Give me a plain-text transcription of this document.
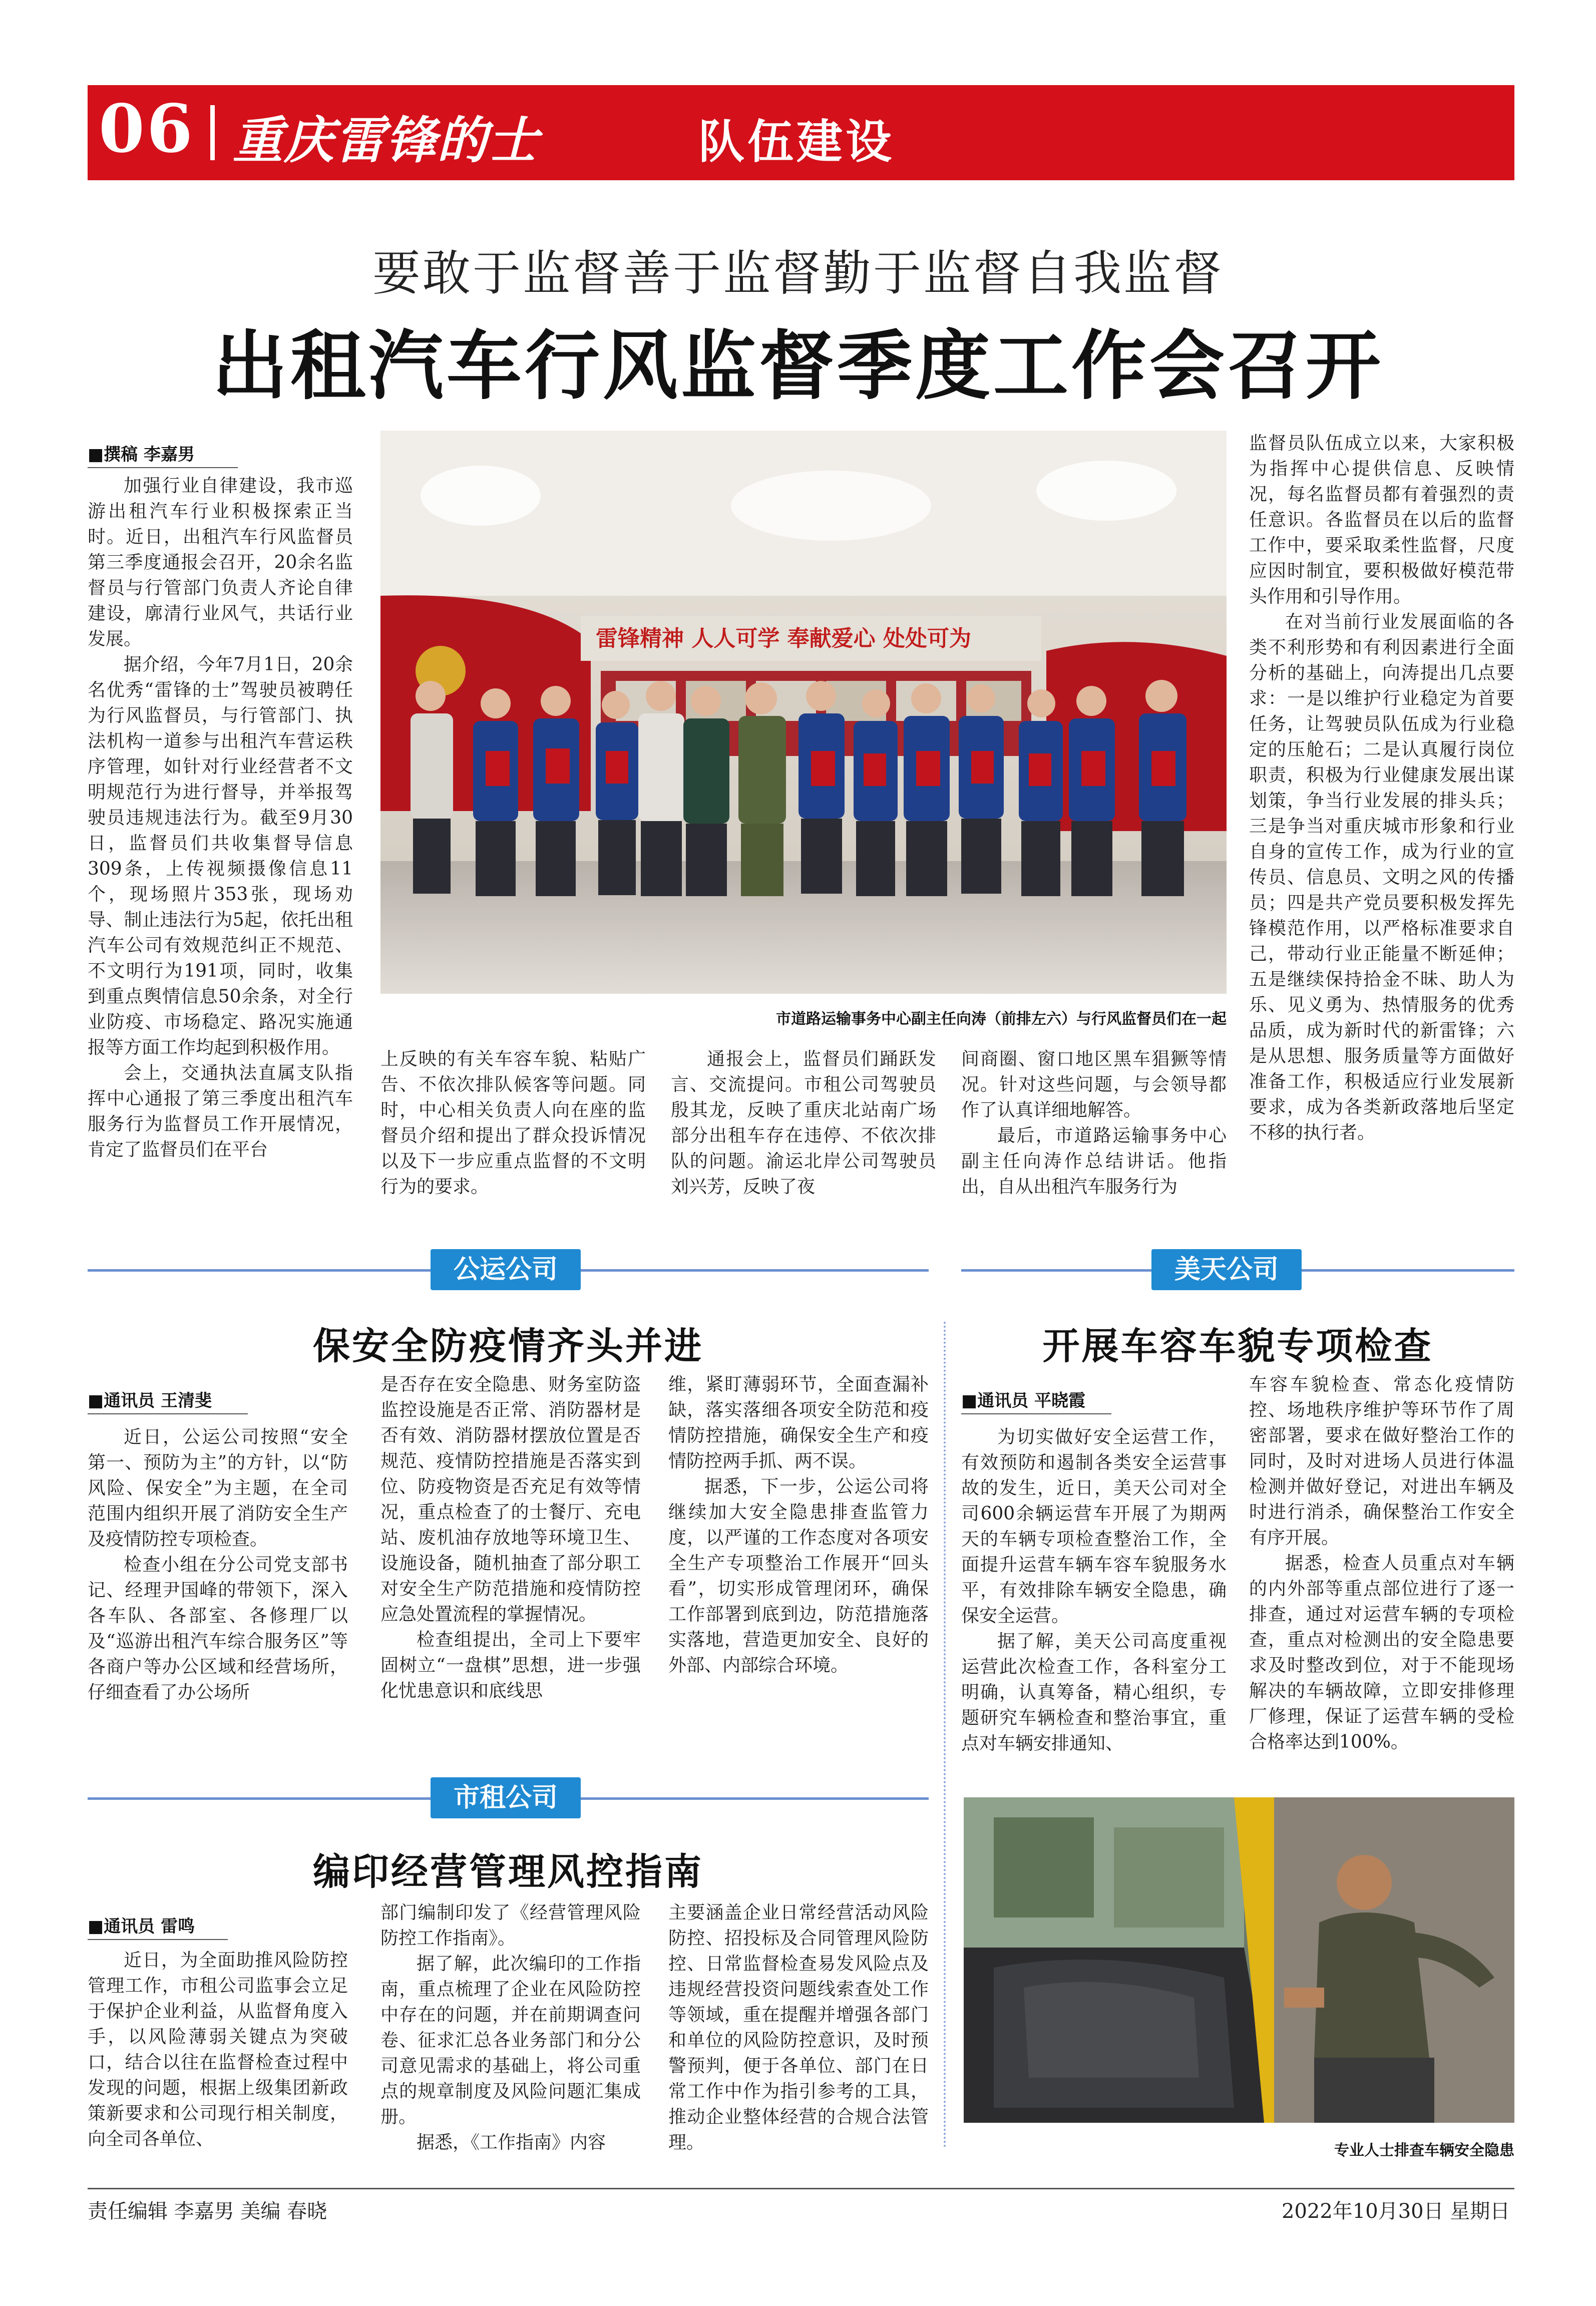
06 重庆雷锋的士	队伍建设
要敢于监督善于监督勤于监督自我监督
出租汽车行风监督季度工作会召开
■撰稿 李嘉男

加强行业自律建设，我市巡游出租汽车行业积极探索正当时。近日，出租汽车行风监督员第三季度通报会召开，20余名监督员与行管部门负责人齐论自律建设，廓清行业风气，共话行业发展。

据介绍，今年7月1日，20余名优秀“雷锋的士”驾驶员被聘任为行风监督员，与行管部门、执法机构一道参与出租汽车营运秩序管理，如针对行业经营者不文明规范行为进行督导，并举报驾驶员违规违法行为。截至9月30日，监督员们共收集督导信息309条，上传视频摄像信息11个，现场照片353张，现场劝导、制止违法行为5起，依托出租汽车公司有效规范纠正不规范、不文明行为191项，同时，收集到重点舆情信息50余条，对全行业防疫、市场稳定、路况实施通报等方面工作均起到积极作用。

会上，交通执法直属支队指挥中心通报了第三季度出租汽车服务行为监督员工作开展情况，肯定了监督员们在平台

雷锋精神 人人可学 奉献爱心 处处可为
市道路运输事务中心副主任向涛（前排左六）与行风监督员们在一起

上反映的有关车容车貌、粘贴广告、不依次排队候客等问题。同时，中心相关负责人向在座的监督员介绍和提出了群众投诉情况以及下一步应重点监督的不文明行为的要求。

通报会上，监督员们踊跃发言、交流提问。市租公司驾驶员殷其龙，反映了重庆北站南广场部分出租车存在违停、不依次排队的问题。渝运北岸公司驾驶员刘兴芳，反映了夜

间商圈、窗口地区黑车猖獗等情况。针对这些问题，与会领导都作了认真详细地解答。

最后，市道路运输事务中心副主任向涛作总结讲话。他指出，自从出租汽车服务行为

监督员队伍成立以来，大家积极为指挥中心提供信息、反映情况，每名监督员都有着强烈的责任意识。各监督员在以后的监督工作中，要采取柔性监督，尺度应因时制宜，要积极做好模范带头作用和引导作用。

在对当前行业发展面临的各类不利形势和有利因素进行全面分析的基础上，向涛提出几点要求：一是以维护行业稳定为首要任务，让驾驶员队伍成为行业稳定的压舱石；二是认真履行岗位职责，积极为行业健康发展出谋划策，争当行业发展的排头兵；三是争当对重庆城市形象和行业自身的宣传工作，成为行业的宣传员、信息员、文明之风的传播员；四是共产党员要积极发挥先锋模范作用，以严格标准要求自己，带动行业正能量不断延伸；五是继续保持拾金不昧、助人为乐、见义勇为、热情服务的优秀品质，成为新时代的新雷锋；六是从思想、服务质量等方面做好准备工作，积极适应行业发展新要求，成为各类新政落地后坚定不移的执行者。

公运公司
保安全防疫情齐头并进
■通讯员 王清斐

近日，公运公司按照“安全第一、预防为主”的方针，以“防风险、保安全”为主题，在全司范围内组织开展了消防安全生产及疫情防控专项检查。

检查小组在分公司党支部书记、经理尹国峰的带领下，深入各车队、各部室、各修理厂以及“巡游出租汽车综合服务区”等各商户等办公区域和经营场所，仔细查看了办公场所

是否存在安全隐患、财务室防盗监控设施是否正常、消防器材是否有效、消防器材摆放位置是否规范、疫情防控措施是否落实到位、防疫物资是否充足有效等情况，重点检查了的士餐厅、充电站、废机油存放地等环境卫生、设施设备，随机抽查了部分职工对安全生产防范措施和疫情防控应急处置流程的掌握情况。

检查组提出，全司上下要牢固树立“一盘棋”思想，进一步强化忧患意识和底线思

维，紧盯薄弱环节，全面查漏补缺，落实落细各项安全防范和疫情防控措施，确保安全生产和疫情防控两手抓、两不误。

据悉，下一步，公运公司将继续加大安全隐患排查监管力度，以严谨的工作态度对各项安全生产专项整治工作展开“回头看”，切实形成管理闭环，确保工作部署到底到边，防范措施落实落地，营造更加安全、良好的外部、内部综合环境。

市租公司
编印经营管理风控指南
■通讯员 雷鸣

近日，为全面助推风险防控管理工作，市租公司监事会立足于保护企业利益，从监督角度入手，以风险薄弱关键点为突破口，结合以往在监督检查过程中发现的问题，根据上级集团新政策新要求和公司现行相关制度，向全司各单位、

部门编制印发了《经营管理风险防控工作指南》。

据了解，此次编印的工作指南，重点梳理了企业在风险防控中存在的问题，并在前期调查问卷、征求汇总各业务部门和分公司意见需求的基础上，将公司重点的规章制度及风险问题汇集成册。

据悉，《工作指南》内容

主要涵盖企业日常经营活动风险防控、招投标及合同管理风险防控、日常监督检查易发风险点及违规经营投资问题线索查处工作等领域，重在提醒并增强各部门和单位的风险防控意识，及时预警预判，便于各单位、部门在日常工作中作为指引参考的工具，推动企业整体经营的合规合法管理。

美天公司
开展车容车貌专项检查
■通讯员 平晓霞

为切实做好安全运营工作，有效预防和遏制各类安全运营事故的发生，近日，美天公司对全司600余辆运营车开展了为期两天的车辆专项检查整治工作，全面提升运营车辆车容车貌服务水平，有效排除车辆安全隐患，确保安全运营。

据了解，美天公司高度重视运营此次检查工作，各科室分工明确，认真筹备，精心组织，专题研究车辆检查和整治事宜，重点对车辆安排通知、

车容车貌检查、常态化疫情防控、场地秩序维护等环节作了周密部署，要求在做好整治工作的同时，及时对进场人员进行体温检测并做好登记，对进出车辆及时进行消杀，确保整治工作安全有序开展。

据悉，检查人员重点对车辆的内外部等重点部位进行了逐一排查，通过对运营车辆的专项检查，重点对检测出的安全隐患要求及时整改到位，对于不能现场解决的车辆故障，立即安排修理厂修理，保证了运营车辆的受检合格率达到100%。

专业人士排查车辆安全隐患
责任编辑 李嘉男 美编 春晓	2022年10月30日 星期日
